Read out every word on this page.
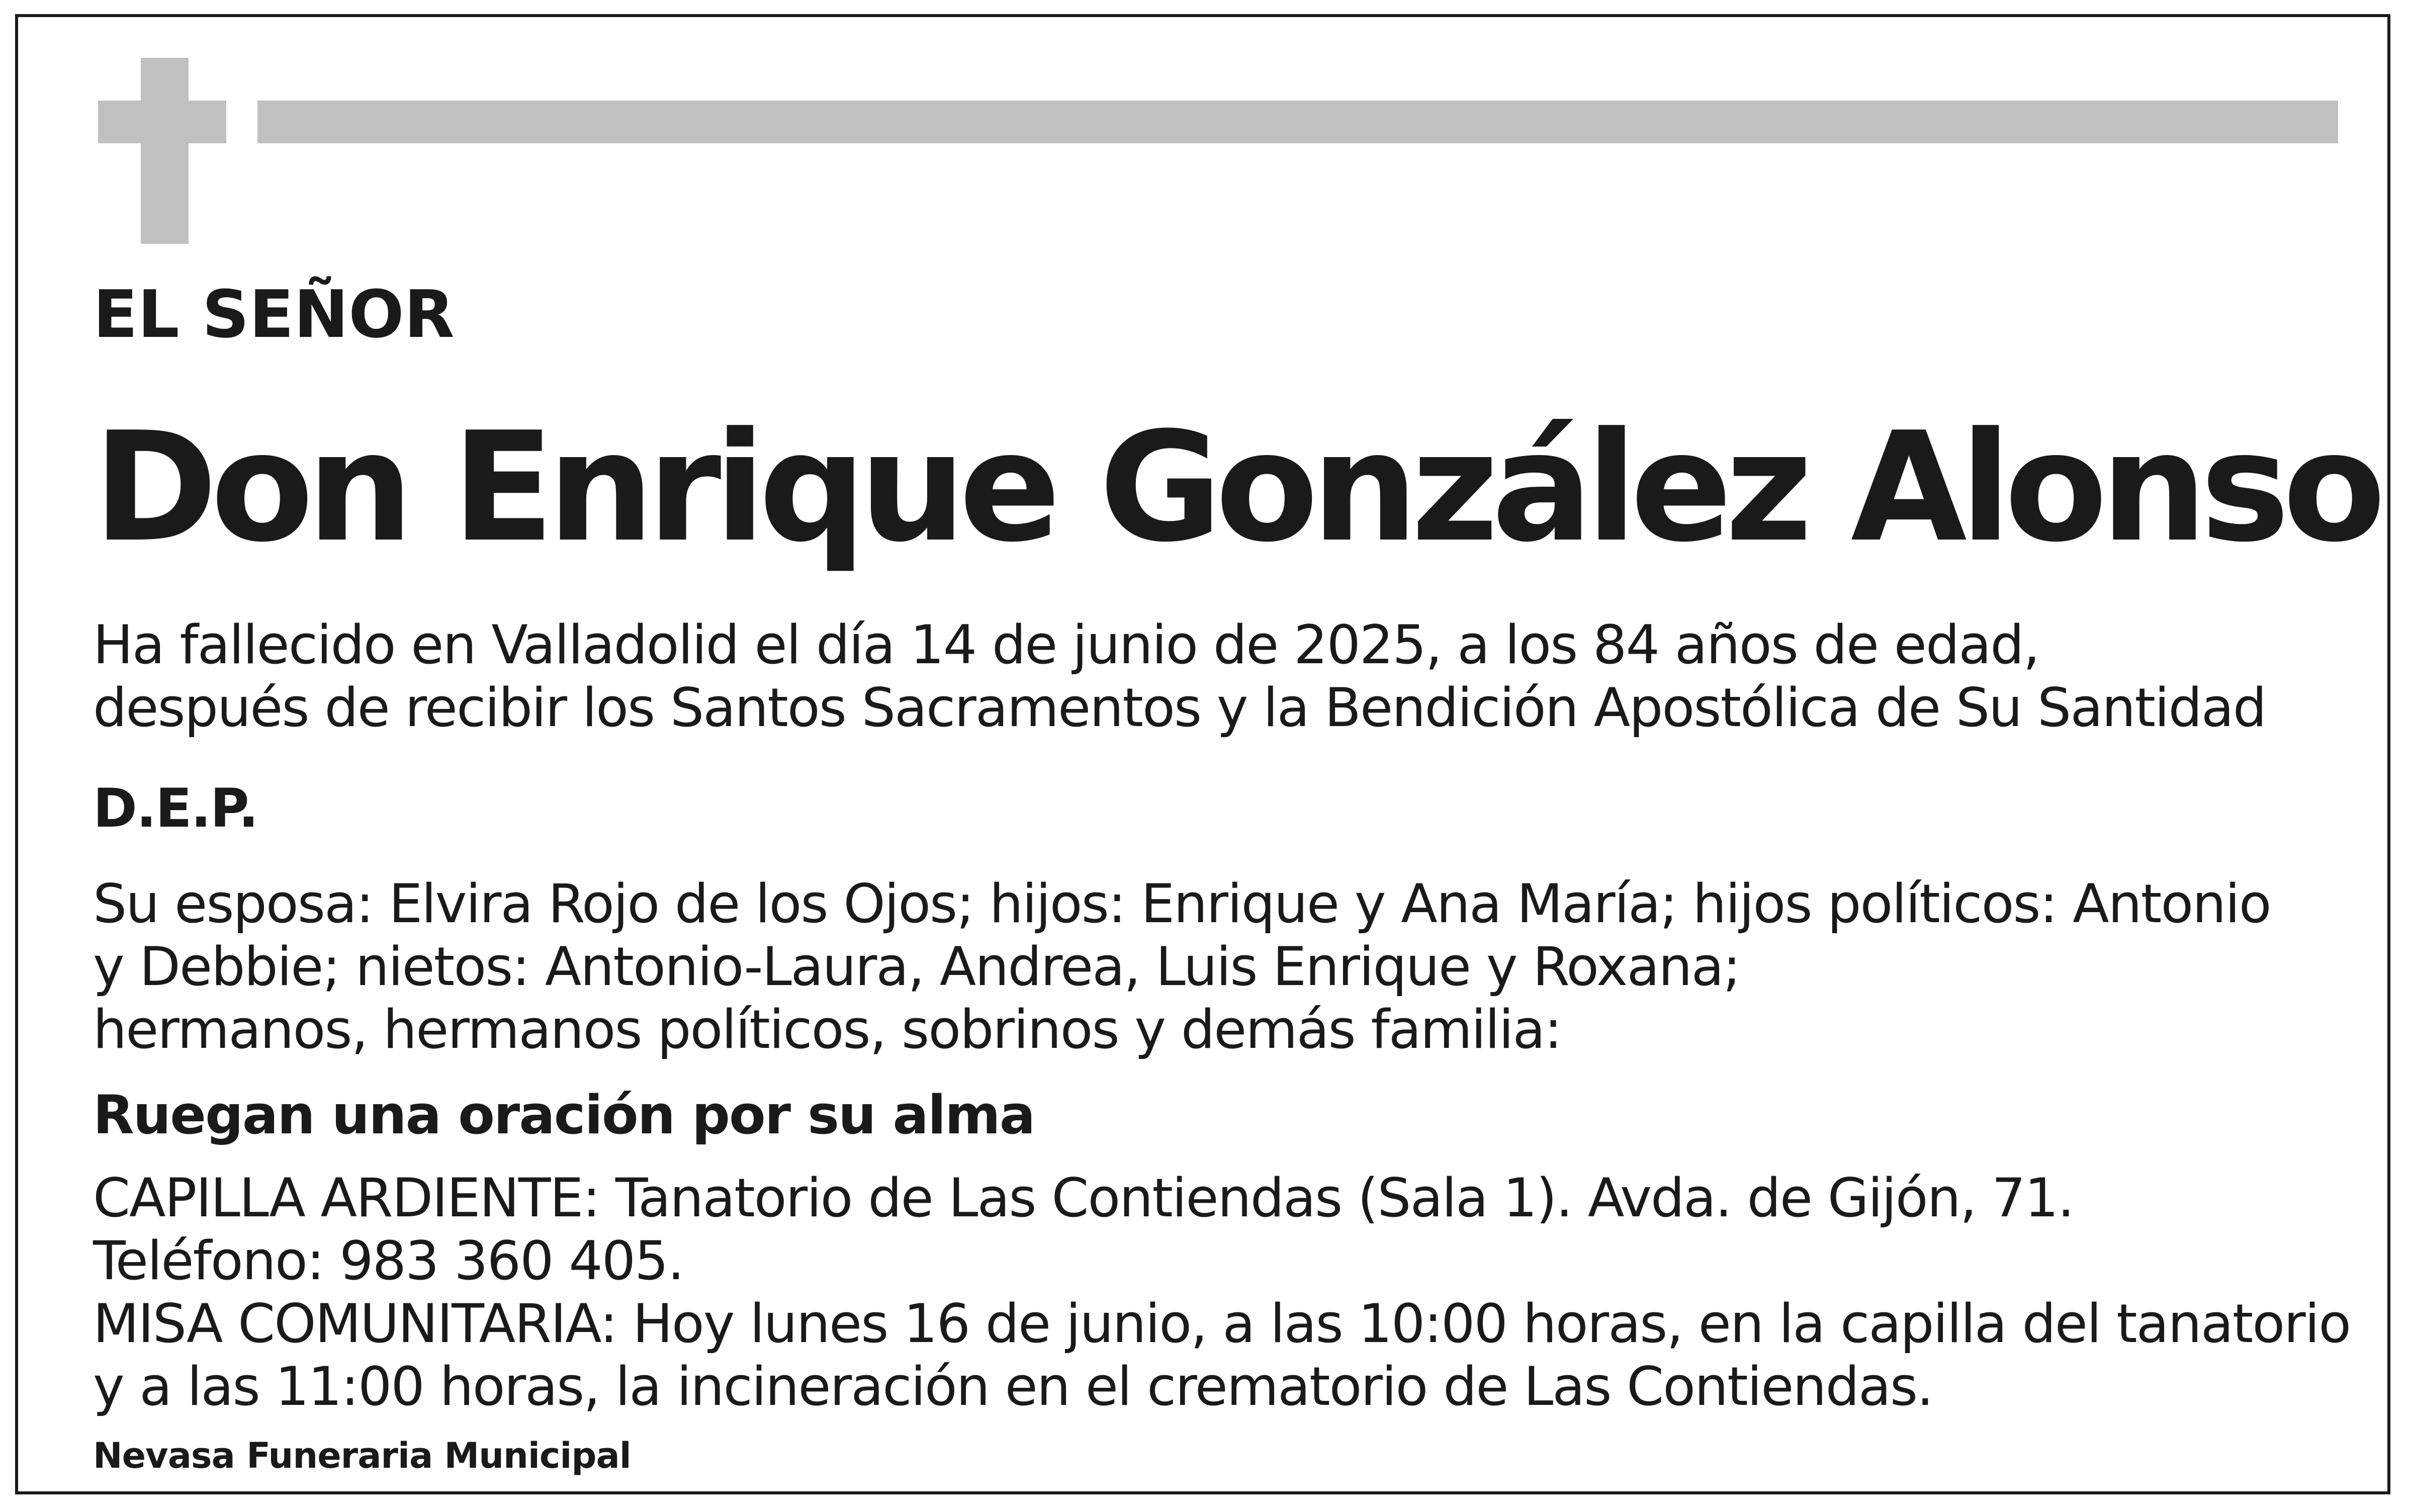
EL SEÑOR
Don Enrique González Alonso
Ha fallecido en Valladolid el día 14 de junio de 2025, a los 84 años de edad,
después de recibir los Santos Sacramentos y la Bendición Apostólica de Su Santidad
D.E.P.
Su esposa: Elvira Rojo de los Ojos; hijos: Enrique y Ana María; hijos políticos: Antonio
y Debbie; nietos: Antonio-Laura, Andrea, Luis Enrique y Roxana;
hermanos, hermanos políticos, sobrinos y demás familia:
Ruegan una oración por su alma
CAPILLA ARDIENTE: Tanatorio de Las Contiendas (Sala 1). Avda. de Gijón, 71.
Teléfono: 983 360 405.
MISA COMUNITARIA: Hoy lunes 16 de junio, a las 10:00 horas, en la capilla del tanatorio
y a las 11:00 horas, la incineración en el crematorio de Las Contiendas.
Nevasa Funeraria Municipal
